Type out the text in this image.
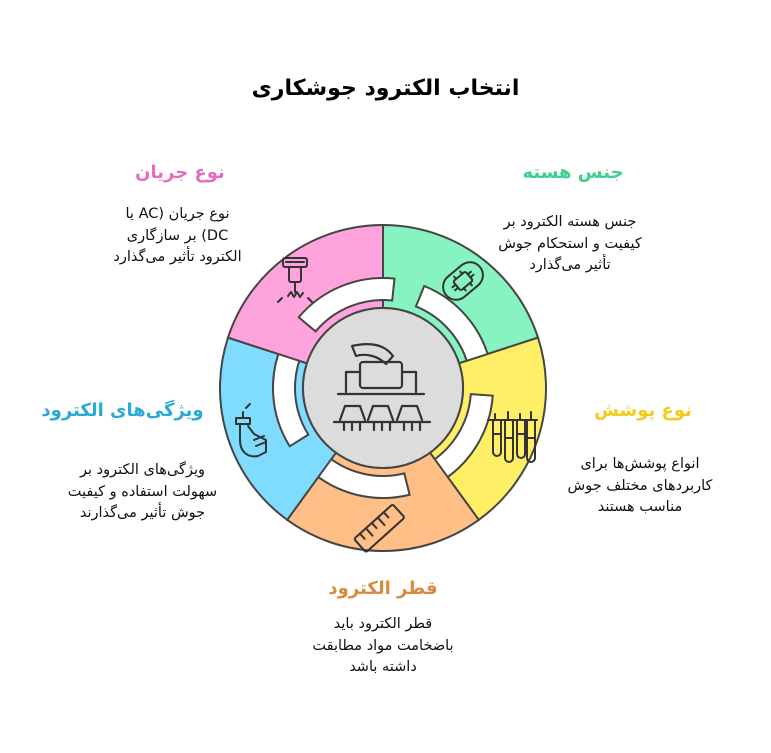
انتخاب الکترود جوشکاری
جنس هسته
جنس هسته الکترود بر
کیفیت و استحکام جوش
تأثیر می‌گذارد
نوع جریان
نوع جریان (AC یا
DC) بر سازگاری
الکترود تأثیر می‌گذارد
نوع پوشش
انواع پوشش‌ها برای
کاربردهای مختلف جوش
مناسب هستند
ویژگی‌های الکترود
ویژگی‌های الکترود بر
سهولت استفاده و کیفیت
جوش تأثیر می‌گذارند
قطر الکترود
قطر الکترود باید
باضخامت مواد مطابقت
داشته باشد
